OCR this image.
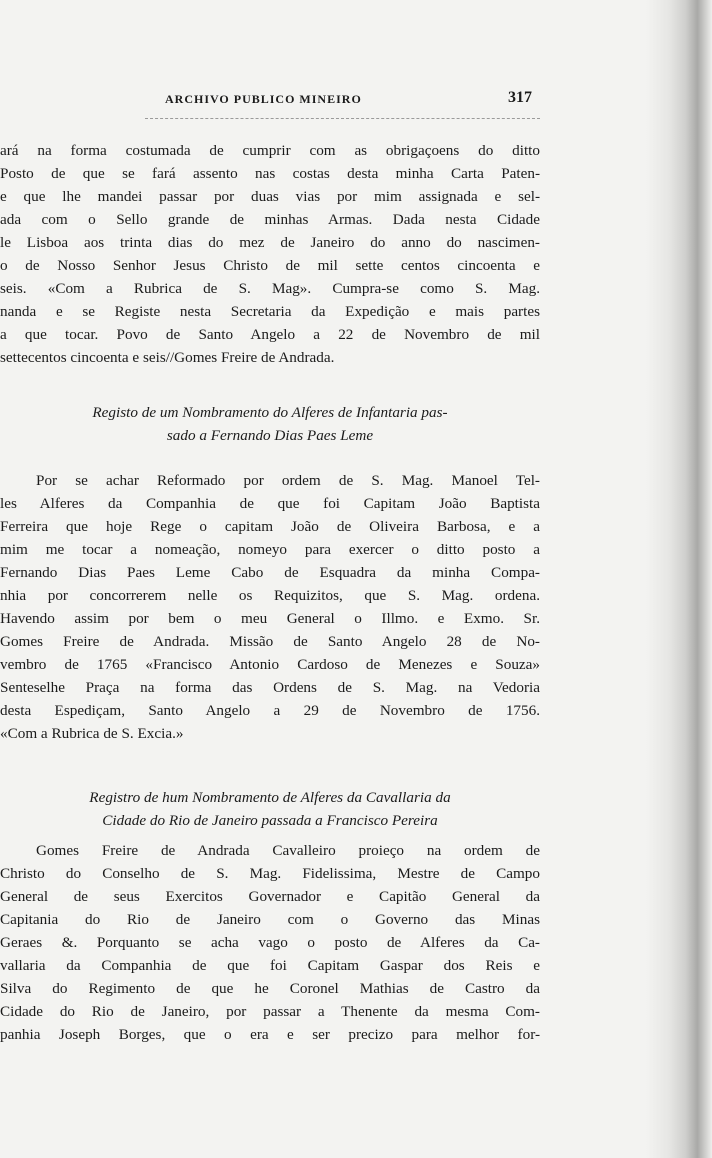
ARCHIVO PUBLICO MINEIRO	317
ará na forma costumada de cumprir com as obrigaçoens do ditto
Posto de que se fará assento nas costas desta minha Carta Paten-
e que lhe mandei passar por duas vias por mim assignada e sel-
ada com o Sello grande de minhas Armas. Dada nesta Cidade
le Lisboa aos trinta dias do mez de Janeiro do anno do nascimen-
o de Nosso Senhor Jesus Christo de mil sette centos cincoenta e
seis. «Com a Rubrica de S. Mag». Cumpra-se como S. Mag.
nanda e se Registe nesta Secretaria da Expedição e mais partes
a que tocar. Povo de Santo Angelo a 22 de Novembro de mil
settecentos cincoenta e seis//Gomes Freire de Andrada.
Registo de um Nombramento do Alferes de Infantaria pas-
sado a Fernando Dias Paes Leme
Por se achar Reformado por ordem de S. Mag. Manoel Tel-
les Alferes da Companhia de que foi Capitam João Baptista
Ferreira que hoje Rege o capitam João de Oliveira Barbosa, e a
mim me tocar a nomeação, nomeyo para exercer o ditto posto a
Fernando Dias Paes Leme Cabo de Esquadra da minha Compa-
nhia por concorrerem nelle os Requizitos, que S. Mag. ordena.
Havendo assim por bem o meu General o Illmo. e Exmo. Sr.
Gomes Freire de Andrada. Missão de Santo Angelo 28 de No-
vembro de 1765 «Francisco Antonio Cardoso de Menezes e Souza»
Senteselhe Praça na forma das Ordens de S. Mag. na Vedoria
desta Espediçam, Santo Angelo a 29 de Novembro de 1756.
«Com a Rubrica de S. Excia.»
Registro de hum Nombramento de Alferes da Cavallaria da
Cidade do Rio de Janeiro passada a Francisco Pereira
Gomes Freire de Andrada Cavalleiro proieço na ordem de
Christo do Conselho de S. Mag. Fidelissima, Mestre de Campo
General de seus Exercitos Governador e Capitão General da
Capitania do Rio de Janeiro com o Governo das Minas
Geraes &. Porquanto se acha vago o posto de Alferes da Ca-
vallaria da Companhia de que foi Capitam Gaspar dos Reis e
Silva do Regimento de que he Coronel Mathias de Castro da
Cidade do Rio de Janeiro, por passar a Thenente da mesma Com-
panhia Joseph Borges, que o era e ser precizo para melhor for-
